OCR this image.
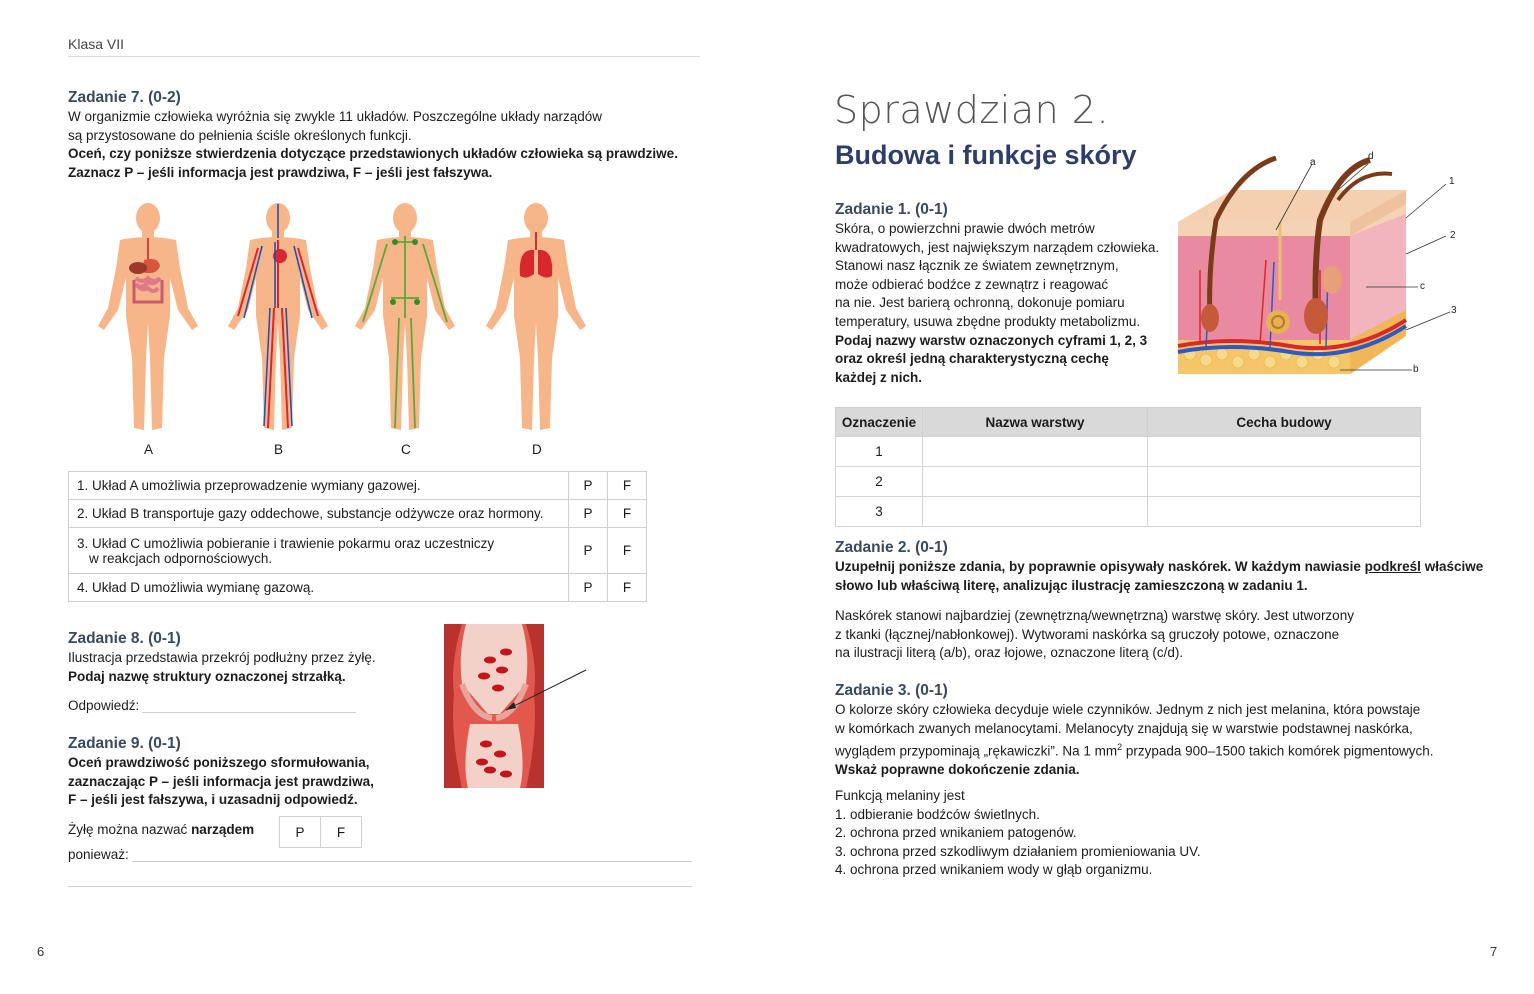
Klasa VII
Zadanie 7. (0-2)
W organizmie człowieka wyróżnia się zwykle 11 układów. Poszczególne układy narządów
są przystosowane do pełnienia ściśle określonych funkcji.
Oceń, czy poniższe stwierdzenia dotyczące przedstawionych układów człowieka są prawdziwe.
Zaznacz P – jeśli informacja jest prawdziwa, F – jeśli jest fałszywa.
A	B	C	D
1. Układ A umożliwia przeprowadzenie wymiany gazowej.	P	F
2. Układ B transportuje gazy oddechowe, substancje odżywcze oraz hormony.	P	F

3. Układ C umożliwia pobieranie i trawienie pokarmu oraz uczestniczy
w reakcjach odpornościowych.	P	F
4. Układ D umożliwia wymianę gazową.	P	F
Zadanie 8. (0-1)
Ilustracja przedstawia przekrój podłużny przez żyłę.
Podaj nazwę struktury oznaczonej strzałką.
Odpowiedź:
Zadanie 9. (0-1)
Oceń prawdziwość poniższego sformułowania,
zaznaczając P – jeśli informacja jest prawdziwa,
F – jeśli jest fałszywa, i uzasadnij odpowiedź.
Żyłę można nazwać narządem	P	F
ponieważ:
6
Sprawdzian 2.
Budowa i funkcje skóry
Zadanie 1. (0-1)
Skóra, o powierzchni prawie dwóch metrów
kwadratowych, jest największym narządem człowieka.
Stanowi nasz łącznik ze światem zewnętrznym,
może odbierać bodźce z zewnątrz i reagować
na nie. Jest barierą ochronną, dokonuje pomiaru
temperatury, usuwa zbędne produkty metabolizmu.
Podaj nazwy warstw oznaczonych cyframi 1, 2, 3
oraz określ jedną charakterystyczną cechę
każdej z nich.
a
d
1
2
c
3
b
Oznaczenie	Nazwa warstwy	Cecha budowy
1		
2		
3		
Zadanie 2. (0-1)
Uzupełnij poniższe zdania, by poprawnie opisywały naskórek. W każdym nawiasie podkreśl właściwe
słowo lub właściwą literę, analizując ilustrację zamieszczoną w zadaniu 1.
Naskórek stanowi najbardziej (zewnętrzną/wewnętrzną) warstwę skóry. Jest utworzony
z tkanki (łącznej/nabłonkowej). Wytworami naskórka są gruczoły potowe, oznaczone
na ilustracji literą (a/b), oraz łojowe, oznaczone literą (c/d).
Zadanie 3. (0-1)
O kolorze skóry człowieka decyduje wiele czynników. Jednym z nich jest melanina, która powstaje
w komórkach zwanych melanocytami. Melanocyty znajdują się w warstwie podstawnej naskórka,
wyglądem przypominają „rękawiczki”. Na 1 $mm^2$ przypada 900–1500 takich komórek pigmentowych.
Wskaż poprawne dokończenie zdania.
Funkcją melaniny jest
1. odbieranie bodźców świetlnych.
2. ochrona przed wnikaniem patogenów.
3. ochrona przed szkodliwym działaniem promieniowania UV.
4. ochrona przed wnikaniem wody w głąb organizmu.
7
